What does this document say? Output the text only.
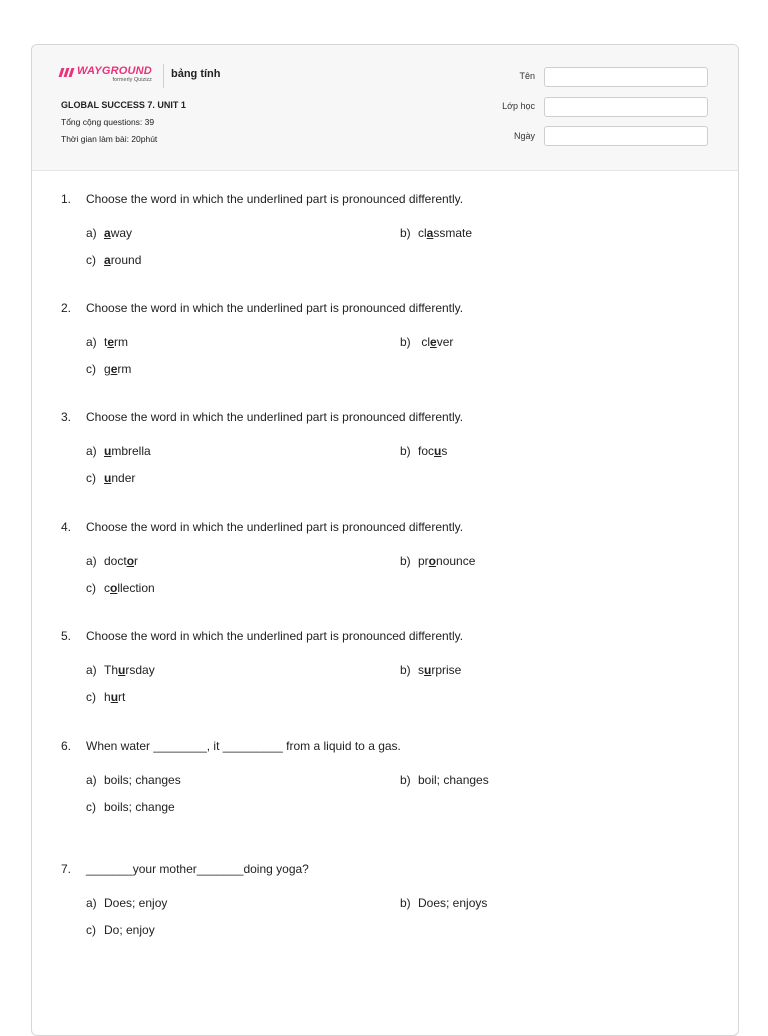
WAYGROUND
formerly Quizizz bảng tính
GLOBAL SUCCESS 7. UNIT 1
Tổng cộng questions: 39
Thời gian làm bài: 20phút
Tên
Lớp học
Ngày
1. Choose the word in which the underlined part is pronounced differently.
a) away	b) classmate
c) around
2. Choose the word in which the underlined part is pronounced differently.
a) term	b) clever
c) germ
3. Choose the word in which the underlined part is pronounced differently.
a) umbrella	b) focus
c) under
4. Choose the word in which the underlined part is pronounced differently.
a) doctor	b) pronounce
c) collection
5. Choose the word in which the underlined part is pronounced differently.
a) Thursday	b) surprise
c) hurt
6. When water ________, it _________ from a liquid to a gas.
a) boils; changes	b) boil; changes
c) boils; change
7. _______your mother_______doing yoga?
a) Does; enjoy	b) Does; enjoys
c) Do; enjoy
